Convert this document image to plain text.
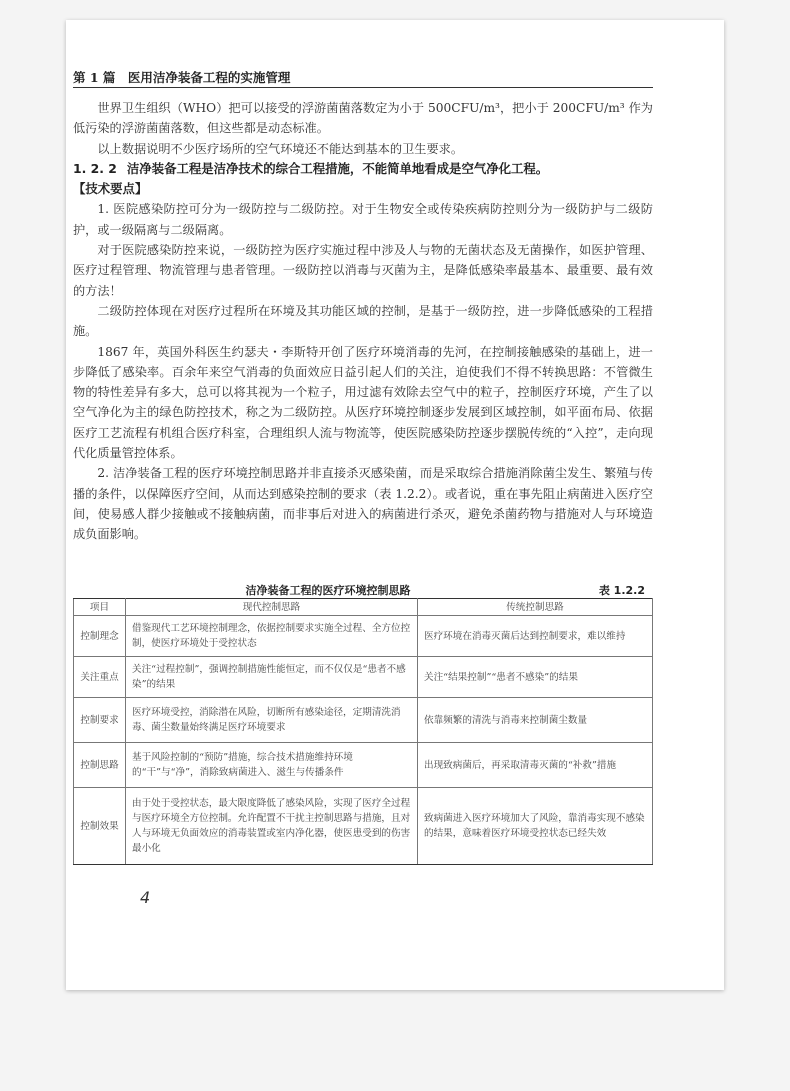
第 1 篇　医用洁净装备工程的实施管理

世界卫生组织（WHO）把可以接受的浮游菌菌落数定为小于 500CFU/m³，把小于 200CFU/m³ 作为低污染的浮游菌菌落数，但这些都是动态标准。

以上数据说明不少医疗场所的空气环境还不能达到基本的卫生要求。

1. 2. 2 洁净装备工程是洁净技术的综合工程措施，不能简单地看成是空气净化工程。

【技术要点】

1. 医院感染防控可分为一级防控与二级防控。对于生物安全或传染疾病防控则分为一级防护与二级防护，或一级隔离与二级隔离。

对于医院感染防控来说，一级防控为医疗实施过程中涉及人与物的无菌状态及无菌操作，如医护管理、医疗过程管理、物流管理与患者管理。一级防控以消毒与灭菌为主，是降低感染率最基本、最重要、最有效的方法！

二级防控体现在对医疗过程所在环境及其功能区域的控制，是基于一级防控，进一步降低感染的工程措施。

1867 年，英国外科医生约瑟夫・李斯特开创了医疗环境消毒的先河，在控制接触感染的基础上，进一步降低了感染率。百余年来空气消毒的负面效应日益引起人们的关注，迫使我们不得不转换思路：不管微生物的特性差异有多大，总可以将其视为一个粒子，用过滤有效除去空气中的粒子，控制医疗环境，产生了以空气净化为主的绿色防控技术，称之为二级防控。从医疗环境控制逐步发展到区域控制，如平面布局、依据医疗工艺流程有机组合医疗科室，合理组织人流与物流等，使医院感染防控逐步摆脱传统的“入控”，走向现代化质量管控体系。

2. 洁净装备工程的医疗环境控制思路并非直接杀灭感染菌，而是采取综合措施消除菌尘发生、繁殖与传播的条件，以保障医疗空间，从而达到感染控制的要求（表 1.2.2）。或者说，重在事先阻止病菌进入医疗空间，使易感人群少接触或不接触病菌，而非事后对进入的病菌进行杀灭，避免杀菌药物与措施对人与环境造成负面影响。

洁净装备工程的医疗环境控制思路	表 1.2.2
项目	现代控制思路	传统控制思路
控制理念	借鉴现代工艺环境控制理念，依据控制要求实施全过程、全方位控制，使医疗环境处于受控状态	医疗环境在消毒灭菌后达到控制要求，难以维持
关注重点	关注“过程控制”，强调控制措施性能恒定，而不仅仅是“患者不感染”的结果	关注“结果控制”“患者不感染”的结果
控制要求	医疗环境受控，消除潜在风险，切断所有感染途径，定期清洗消毒、菌尘数量始终满足医疗环境要求	依靠频繁的清洗与消毒来控制菌尘数量
控制思路	基于风险控制的“预防”措施，综合技术措施维持环境的“干”与“净”，消除致病菌进入、滋生与传播条件	出现致病菌后，再采取清毒灭菌的“补救”措施
控制效果	由于处于受控状态，最大限度降低了感染风险，实现了医疗全过程与医疗环境全方位控制。允许配置不干扰主控制思路与措施，且对人与环境无负面效应的消毒装置或室内净化器，使医患受到的伤害最小化	致病菌进入医疗环境加大了风险，靠消毒实现不感染的结果，意味着医疗环境受控状态已经失效
4
